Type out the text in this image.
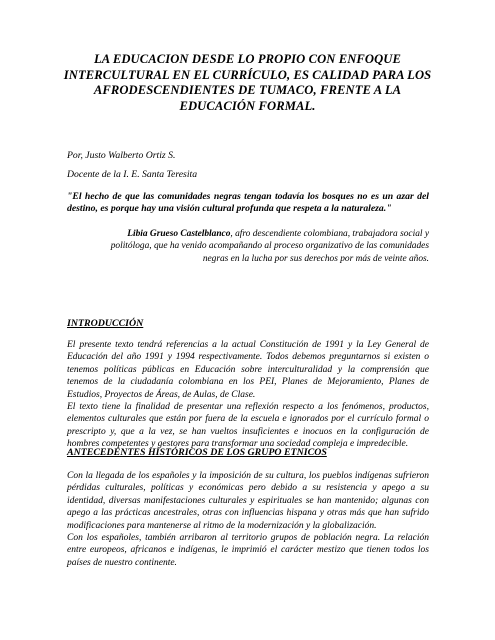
LA EDUCACION DESDE LO PROPIO CON ENFOQUE
INTERCULTURAL EN EL CURRÍCULO, ES CALIDAD PARA LOS
AFRODESCENDIENTES DE TUMACO, FRENTE A LA
EDUCACIÓN FORMAL.
Por, Justo Walberto Ortiz S.
Docente de la I. E. Santa Teresita
"El hecho de que las comunidades negras tengan todavía los bosques no es un azar del destino, es porque hay una visión cultural profunda que respeta a la naturaleza."
Libia Grueso Castelblanco, afro descendiente colombiana, trabajadora social y politóloga, que ha venido acompañando al proceso organizativo de las comunidades negras en la lucha por sus derechos por más de veinte años.
INTRODUCCIÓN

El presente texto tendrá referencias a la actual Constitución de 1991 y la Ley General de Educación del año 1991 y 1994 respectivamente. Todos debemos preguntarnos si existen o tenemos políticas públicas en Educación sobre interculturalidad y la comprensión que tenemos de la ciudadanía colombiana en los PEI, Planes de Mejoramiento, Planes de Estudios, Proyectos de Áreas, de Aulas, de Clase.

El texto tiene la finalidad de presentar una reflexión respecto a los fenómenos, productos, elementos culturales que están por fuera de la escuela e ignorados por el currículo formal o prescripto y, que a la vez, se han vueltos insuficientes e inocuos en la configuración de hombres competentes y gestores para transformar una sociedad compleja e impredecible.

ANTECEDENTES HISTÓRICOS DE LOS GRUPO ETNICOS

Con la llegada de los españoles y la imposición de su cultura, los pueblos indígenas sufrieron pérdidas culturales, políticas y económicas pero debido a su resistencia y apego a su identidad, diversas manifestaciones culturales y espirituales se han mantenido; algunas con apego a las prácticas ancestrales, otras con influencias hispana y otras más que han sufrido modificaciones para mantenerse al ritmo de la modernización y la globalización.

Con los españoles, también arribaron al territorio grupos de población negra. La relación entre europeos, africanos e indígenas, le imprimió el carácter mestizo que tienen todos los países de nuestro continente.
